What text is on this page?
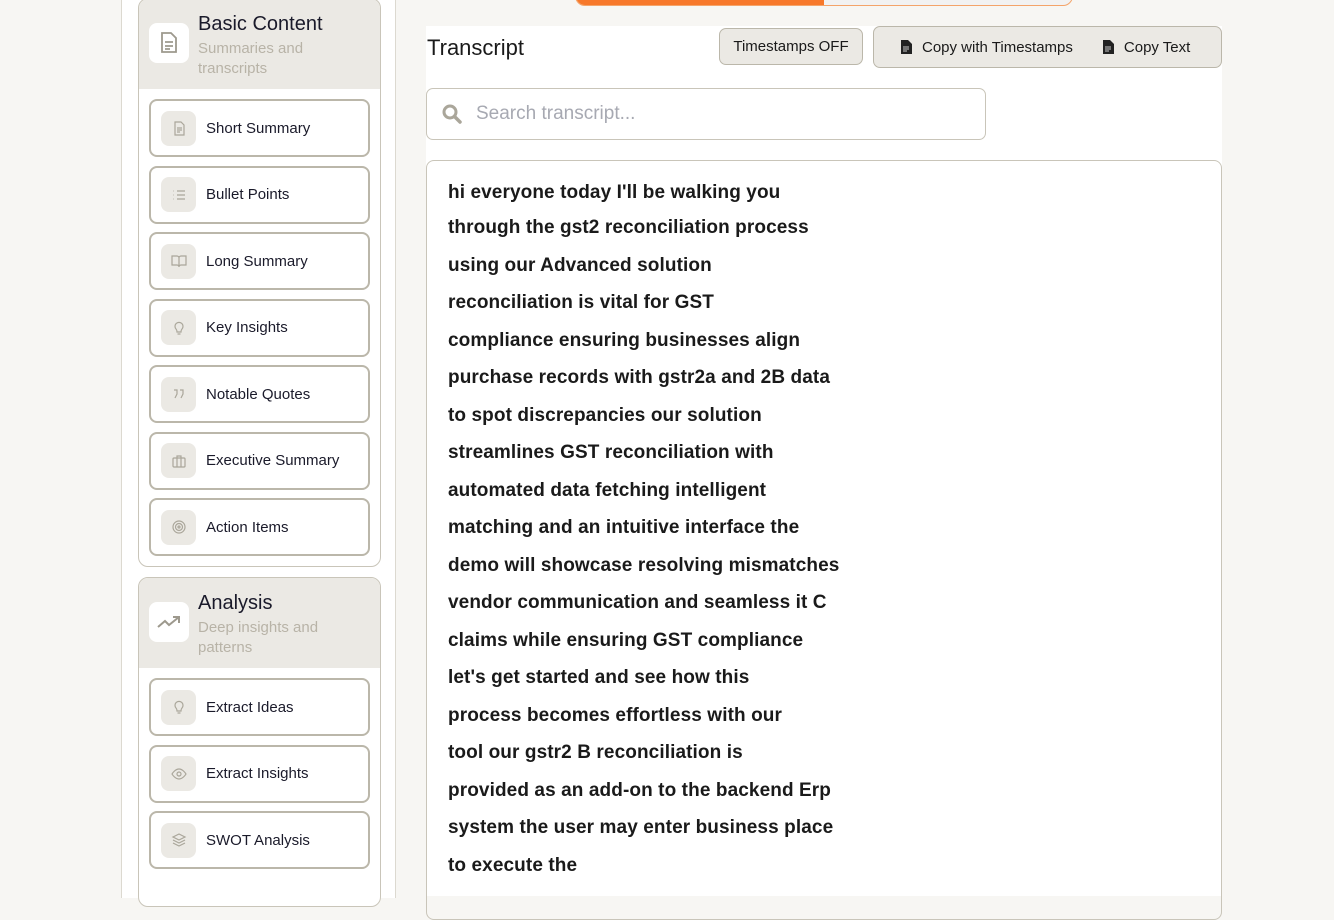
Basic Content
Summaries and transcripts
Short Summary
Bullet Points
Long Summary
Key Insights
Notable Quotes
Executive Summary
Action Items
Analysis
Deep insights and patterns
Extract Ideas
Extract Insights
SWOT Analysis
Transcript	Timestamps OFF	Copy with Timestamps	Copy Text
Search transcript...
hi everyone today I'll be walking you
through the gst2 reconciliation process
using our Advanced solution
reconciliation is vital for GST
compliance ensuring businesses align
purchase records with gstr2a and 2B data
to spot discrepancies our solution
streamlines GST reconciliation with
automated data fetching intelligent
matching and an intuitive interface the
demo will showcase resolving mismatches
vendor communication and seamless it C
claims while ensuring GST compliance
let's get started and see how this
process becomes effortless with our
tool our gstr2 B reconciliation is
provided as an add-on to the backend Erp
system the user may enter business place
to execute the
